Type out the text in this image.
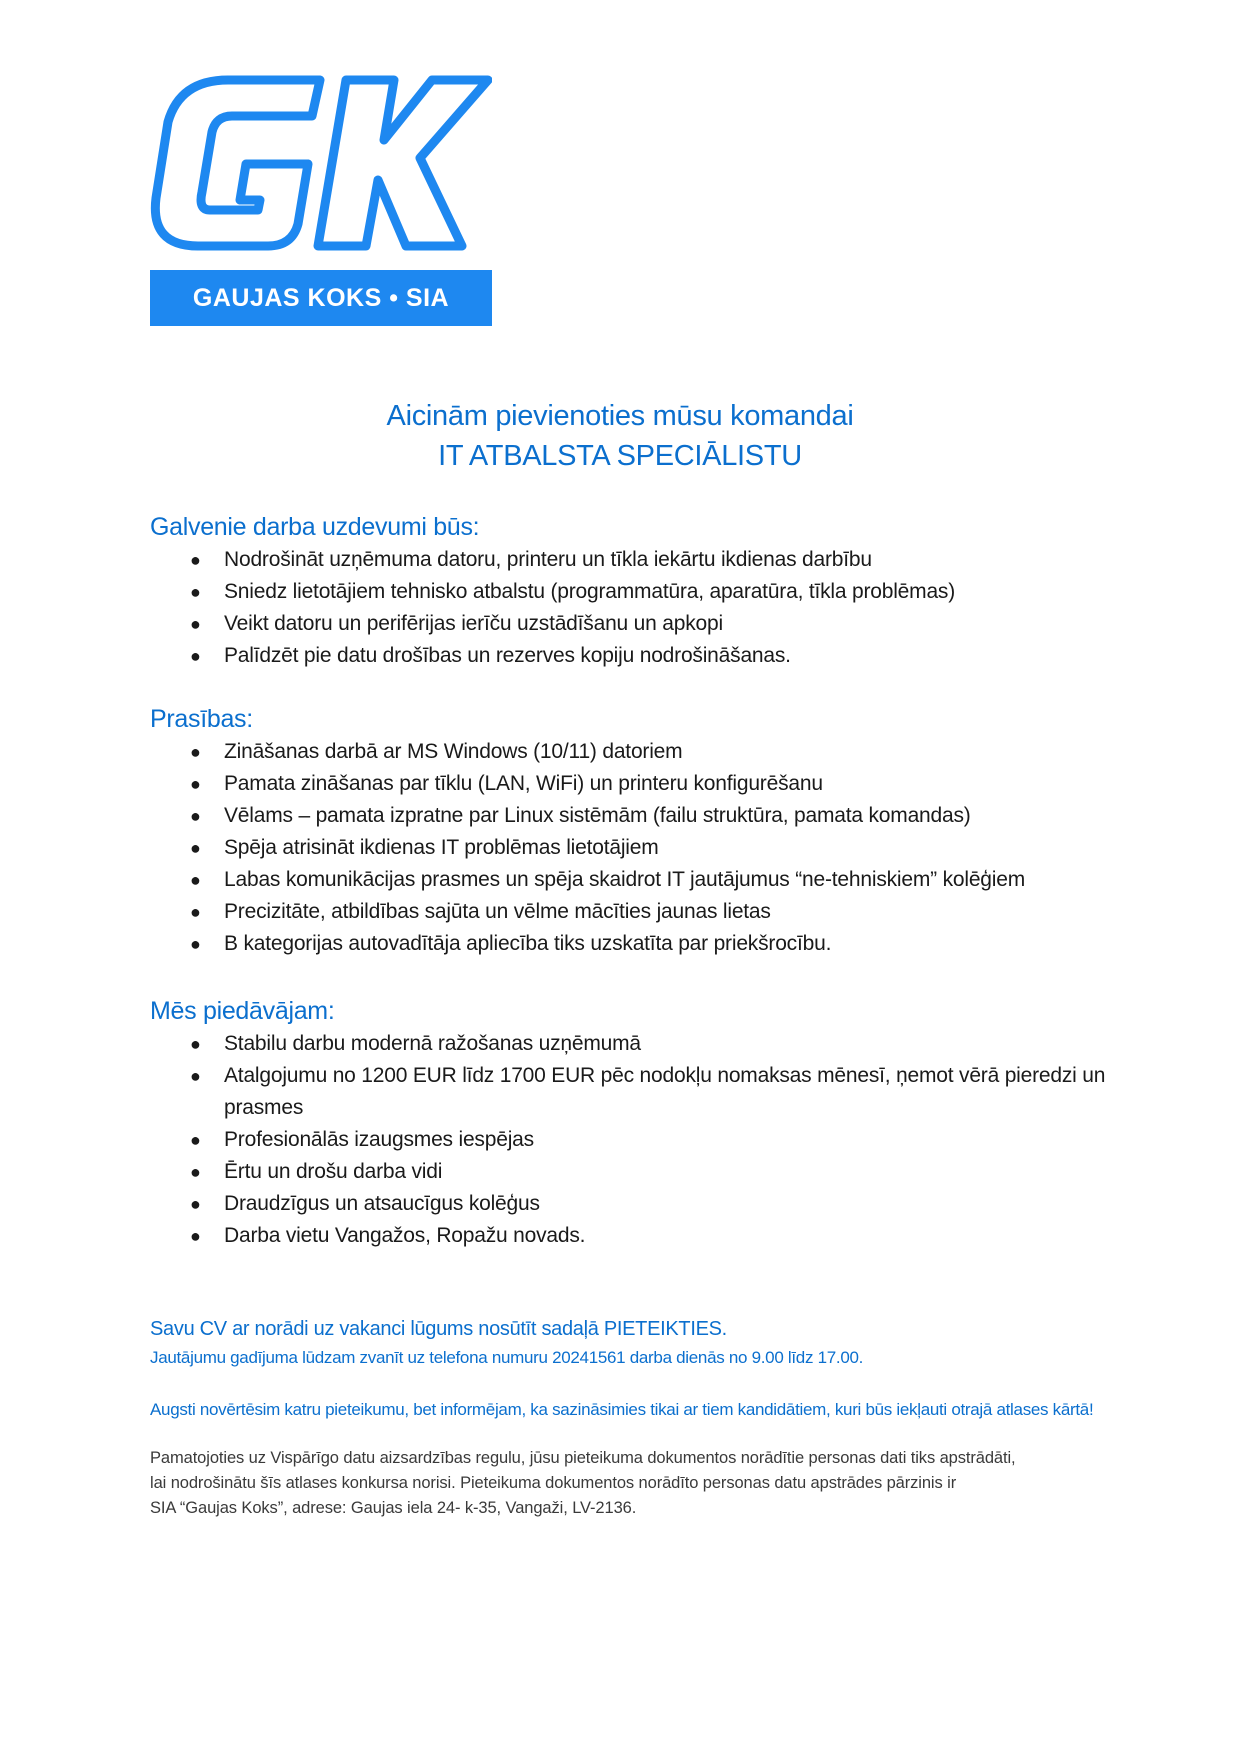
GAUJAS KOKS • SIA
Aicinām pievienoties mūsu komandai
IT ATBALSTA SPECIĀLISTU
Galvenie darba uzdevumi būs:
● Nodrošināt uzņēmuma datoru, printeru un tīkla iekārtu ikdienas darbību
● Sniedz lietotājiem tehnisko atbalstu (programmatūra, aparatūra, tīkla problēmas)
● Veikt datoru un perifērijas ierīču uzstādīšanu un apkopi
● Palīdzēt pie datu drošības un rezerves kopiju nodrošināšanas.
Prasības:
● Zināšanas darbā ar MS Windows (10/11) datoriem
● Pamata zināšanas par tīklu (LAN, WiFi) un printeru konfigurēšanu
● Vēlams – pamata izpratne par Linux sistēmām (failu struktūra, pamata komandas)
● Spēja atrisināt ikdienas IT problēmas lietotājiem
● Labas komunikācijas prasmes un spēja skaidrot IT jautājumus “ne-tehniskiem” kolēģiem
● Precizitāte, atbildības sajūta un vēlme mācīties jaunas lietas
● B kategorijas autovadītāja apliecība tiks uzskatīta par priekšrocību.
Mēs piedāvājam:
● Stabilu darbu modernā ražošanas uzņēmumā
● Atalgojumu no 1200 EUR līdz 1700 EUR pēc nodokļu nomaksas mēnesī, ņemot vērā pieredzi un prasmes
● Profesionālās izaugsmes iespējas
● Ērtu un drošu darba vidi
● Draudzīgus un atsaucīgus kolēģus
● Darba vietu Vangažos, Ropažu novads.
Savu CV ar norādi uz vakanci lūgums nosūtīt sadaļā PIETEIKTIES.
Jautājumu gadījuma lūdzam zvanīt uz telefona numuru 20241561 darba dienās no 9.00 līdz 17.00.
Augsti novērtēsim katru pieteikumu, bet informējam, ka sazināsimies tikai ar tiem kandidātiem, kuri būs iekļauti otrajā atlases kārtā!
Pamatojoties uz Vispārīgo datu aizsardzības regulu, jūsu pieteikuma dokumentos norādītie personas dati tiks apstrādāti,
lai nodrošinātu šīs atlases konkursa norisi. Pieteikuma dokumentos norādīto personas datu apstrādes pārzinis ir
SIA “Gaujas Koks”, adrese: Gaujas iela 24- k-35, Vangaži, LV-2136.
